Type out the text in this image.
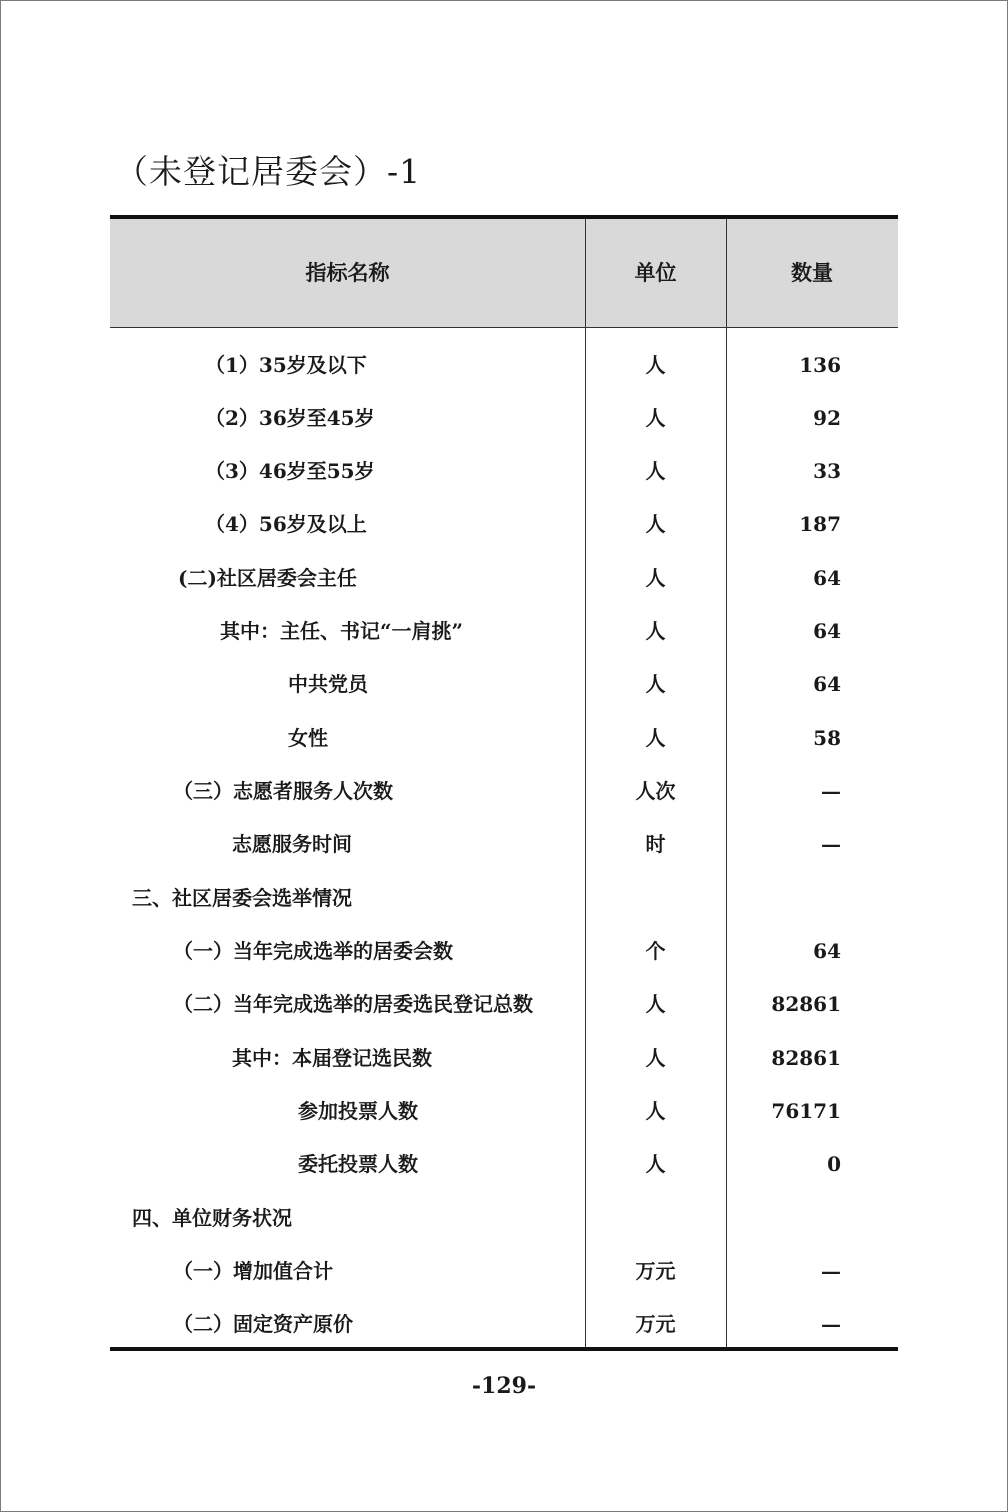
（未登记居委会）-1
指标名称	单位	数量
（1）35岁及以下	人	136
（2）36岁至45岁	人	92
（3）46岁至55岁	人	33
（4）56岁及以上	人	187
(二)社区居委会主任	人	64
其中：主任、书记“一肩挑”	人	64
中共党员	人	64
女性	人	58
（三）志愿者服务人次数	人次	—
志愿服务时间	时	—
三、社区居委会选举情况
（一）当年完成选举的居委会数	个	64
（二）当年完成选举的居委选民登记总数	人	82861
其中：本届登记选民数	人	82861
参加投票人数	人	76171
委托投票人数	人	0
四、单位财务状况
（一）增加值合计	万元	—
（二）固定资产原价	万元	—
-129-
